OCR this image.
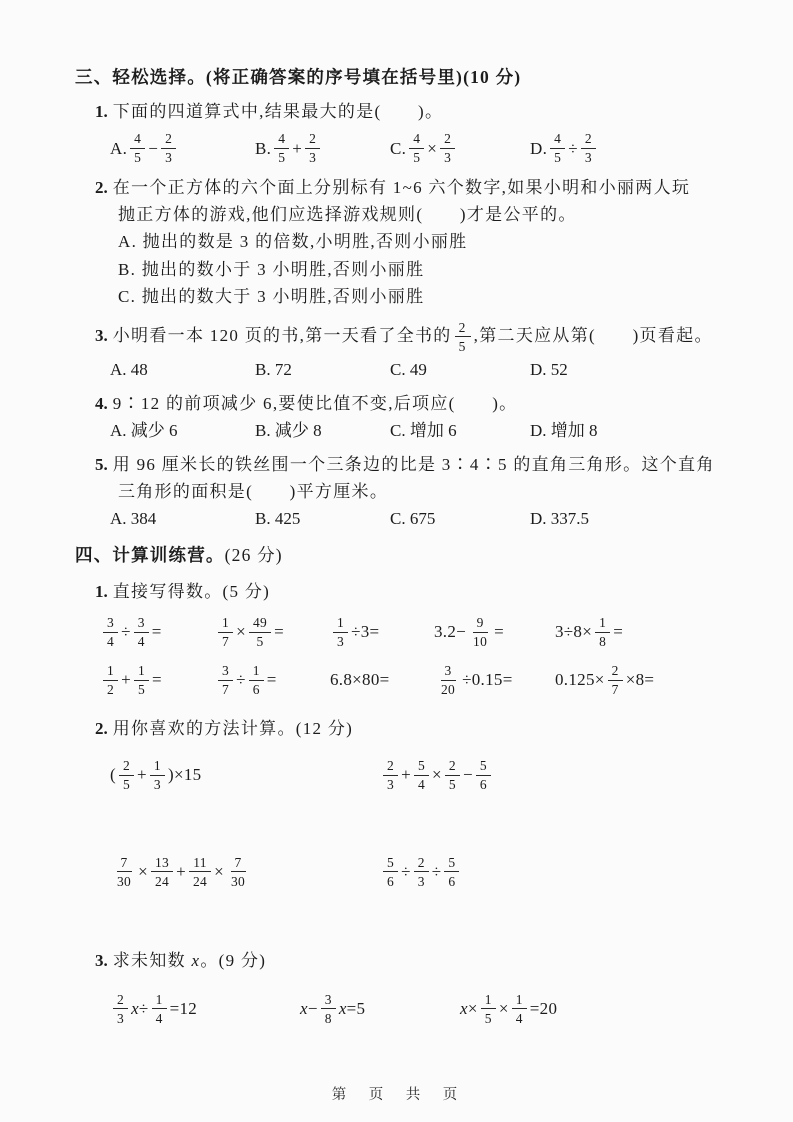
三、轻松选择。(将正确答案的序号填在括号里)(10 分)
1. 下面的四道算式中,结果最大的是(　　)。
A. $\frac{4}{5} - \frac{2}{3}$	B. $\frac{4}{5} + \frac{2}{3}$	C. $\frac{4}{5} \times \frac{2}{3}$	D. $\frac{4}{5} \div \frac{2}{3}$
2. 在一个正方体的六个面上分别标有 1~6 六个数字,如果小明和小丽两人玩
抛正方体的游戏,他们应选择游戏规则(　　)才是公平的。
A. 抛出的数是 3 的倍数,小明胜,否则小丽胜
B. 抛出的数小于 3 小明胜,否则小丽胜
C. 抛出的数大于 3 小明胜,否则小丽胜
3. 小明看一本 120 页的书,第一天看了全书的 $\frac{2}{5}$ ,第二天应从第(　　)页看起。
A. 48	B. 72	C. 49	D. 52
4. 9∶12 的前项减少 6,要使比值不变,后项应(　　)。
A. 减少 6	B. 减少 8	C. 增加 6	D. 增加 8
5. 用 96 厘米长的铁丝围一个三条边的比是 3∶4∶5 的直角三角形。这个直角
三角形的面积是(　　)平方厘米。
A. 384	B. 425	C. 675	D. 337.5
四、计算训练营。(26 分)
1. 直接写得数。(5 分)
$\frac{3}{4} \div \frac{3}{4}$ =	$\frac{1}{7} \times \frac{49}{5}$ =	$\frac{1}{3} \div 3=$	$3.2- \frac{9}{10}$ =	$3\div 8\times \frac{1}{8}$ =
$\frac{1}{2} + \frac{1}{5}$ =	$\frac{3}{7} \div \frac{1}{6}$ =	6.8×80=	$\frac{3}{20} \div 0.15=$	$0.125\times \frac{2}{7} \times 8=$
2. 用你喜欢的方法计算。(12 分)
( $\frac{2}{5} + \frac{1}{3} )\times 15$	$\frac{2}{3} + \frac{5}{4} \times \frac{2}{5} - \frac{5}{6}$
$\frac{7}{30} \times \frac{13}{24} + \frac{11}{24} \times \frac{7}{30}$	$\frac{5}{6} \div \frac{2}{3} \div \frac{5}{6}$
3. 求未知数 x。(9 分)
$\frac{2}{3}$ $x \div \frac{1}{4} =12$	$x - \frac{3}{8}$ x =5	$x \times \frac{1}{5} \times \frac{1}{4} =20$
第　页　共　页
